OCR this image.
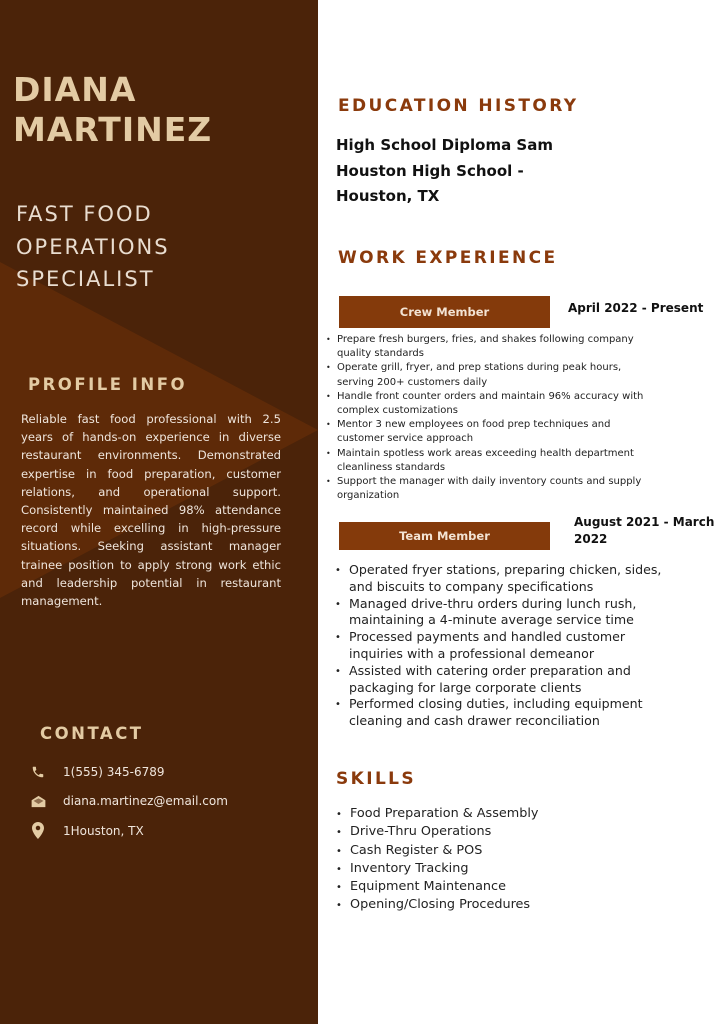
DIANA
MARTINEZ
FAST FOOD
OPERATIONS
SPECIALIST
PROFILE INFO

Reliable fast food professional with 2.5 years of hands-on experience in diverse restaurant environments. Demonstrated expertise in food preparation, customer relations, and operational support. Consistently maintained 98% attendance record while excelling in high-pressure situations. Seeking assistant manager trainee position to apply strong work ethic and leadership potential in restaurant management.

CONTACT
1(555) 345-6789
diana.martinez@email.com
1Houston, TX
EDUCATION HISTORY
High School Diploma Sam
Houston High School -
Houston, TX
WORK EXPERIENCE
Crew Member	April 2022 - Present
• Prepare fresh burgers, fries, and shakes following company quality standards
• Operate grill, fryer, and prep stations during peak hours, serving 200+ customers daily
• Handle front counter orders and maintain 96% accuracy with complex customizations
• Mentor 3 new employees on food prep techniques and customer service approach
• Maintain spotless work areas exceeding health department cleanliness standards
• Support the manager with daily inventory counts and supply organization
Team Member
August 2021 - March 2022
• Operated fryer stations, preparing chicken, sides, and biscuits to company specifications
• Managed drive-thru orders during lunch rush, maintaining a 4-minute average service time
• Processed payments and handled customer inquiries with a professional demeanor
• Assisted with catering order preparation and packaging for large corporate clients
• Performed closing duties, including equipment cleaning and cash drawer reconciliation
SKILLS
• Food Preparation & Assembly
• Drive-Thru Operations
• Cash Register & POS
• Inventory Tracking
• Equipment Maintenance
• Opening/Closing Procedures
